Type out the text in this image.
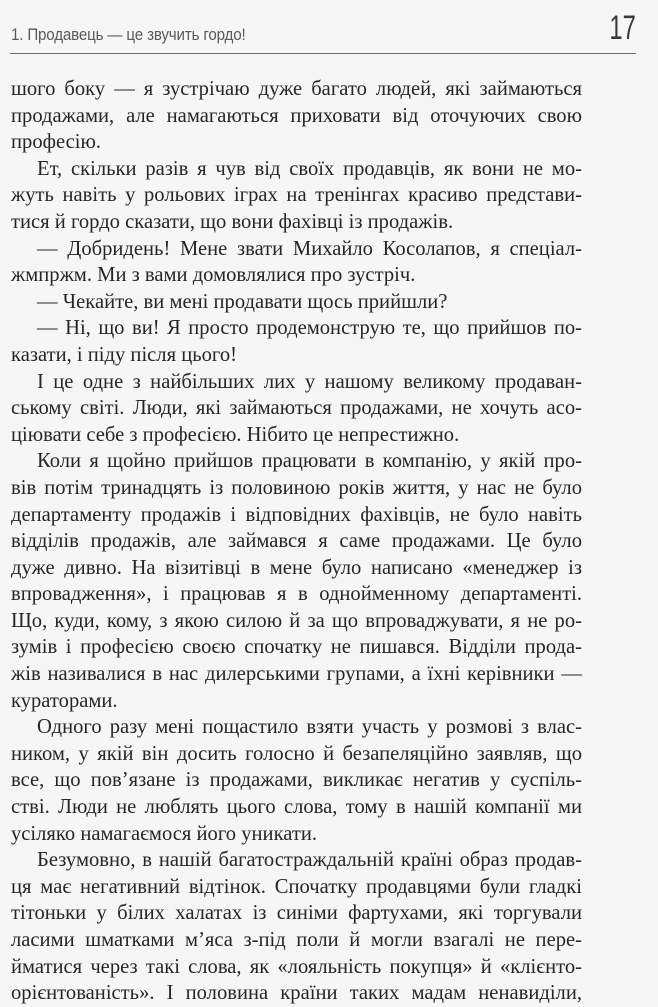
1. Продавець — це звучить гордо!	17
шого боку — я зустрічаю дуже багато людей, які займаються
продажами, але намагаються приховати від оточуючих свою
професію.
Ет, скільки разів я чув від своїх продавців, як вони не мо-
жуть навіть у рольових іграх на тренінгах красиво представи-
тися й гордо сказати, що вони фахівці із продажів.
— Добридень! Мене звати Михайло Косолапов, я спеціал-
жмпржм. Ми з вами домовлялися про зустріч.
— Чекайте, ви мені продавати щось прийшли?
— Ні, що ви! Я просто продемонструю те, що прийшов по-
казати, і піду після цього!
І це одне з найбільших лих у нашому великому продаван-
ському світі. Люди, які займаються продажами, не хочуть асо-
ціювати себе з професією. Нібито це непрестижно.
Коли я щойно прийшов працювати в компанію, у якій про-
вів потім тринадцять із половиною років життя, у нас не було
департаменту продажів і відповідних фахівців, не було навіть
відділів продажів, але займався я саме продажами. Це було
дуже дивно. На візитівці в мене було написано «менеджер із
впровадження», і працював я в однойменному департаменті.
Що, куди, кому, з якою силою й за що впроваджувати, я не ро-
зумів і професією своєю спочатку не пишався. Відділи прода-
жів називалися в нас дилерськими групами, а їхні керівники —
кураторами.
Одного разу мені пощастило взяти участь у розмові з влас-
ником, у якій він досить голосно й безапеляційно заявляв, що
все, що пов’язане із продажами, викликає негатив у суспіль-
стві. Люди не люблять цього слова, тому в нашій компанії ми
усіляко намагаємося його уникати.
Безумовно, в нашій багатостраждальній країні образ продав-
ця має негативний відтінок. Спочатку продавцями були гладкі
тітоньки у білих халатах із синіми фартухами, які торгували
ласими шматками м’яса з-під поли й могли взагалі не пере-
йматися через такі слова, як «лояльність покупця» й «клієнто-
орієнтованість». І половина країни таких мадам ненавиділи,
